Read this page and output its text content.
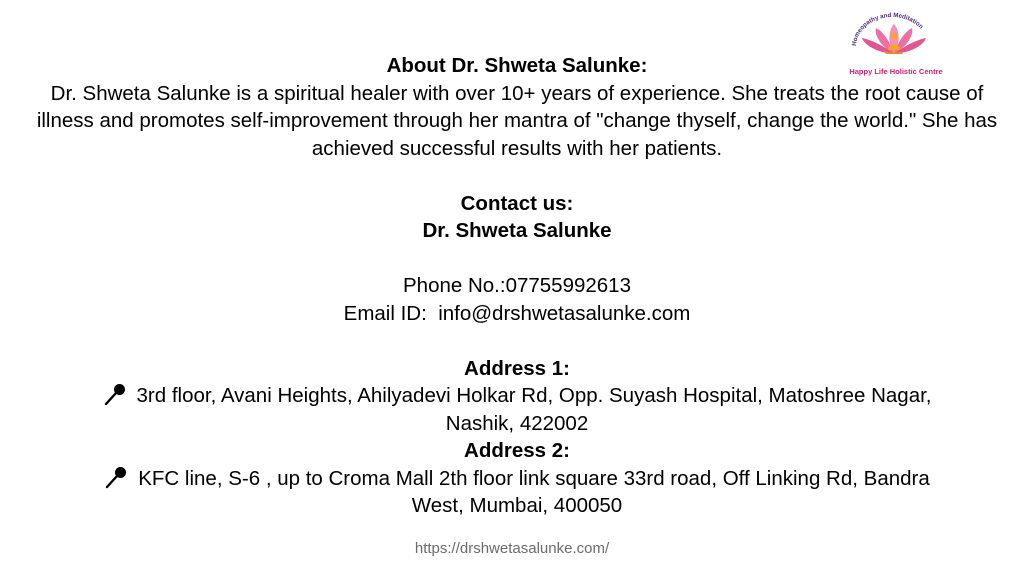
Homeopathy and Meditation
Happy Life Holistic Centre

About Dr. Shweta Salunke:

Dr. Shweta Salunke is a spiritual healer with over 10+ years of experience. She treats the root cause of illness and promotes self-improvement through her mantra of "change thyself, change the world." She has achieved successful results with her patients.

Contact us:

Dr. Shweta Salunke

Phone No.:07755992613

Email ID:  info@drshwetasalunke.com

Address 1:

3rd floor, Avani Heights, Ahilyadevi Holkar Rd, Opp. Suyash Hospital, Matoshree Nagar,

Nashik, 422002

Address 2:

KFC line, S-6 , up to Croma Mall 2th floor link square 33rd road, Off Linking Rd, Bandra

West, Mumbai, 400050

https://drshwetasalunke.com/
